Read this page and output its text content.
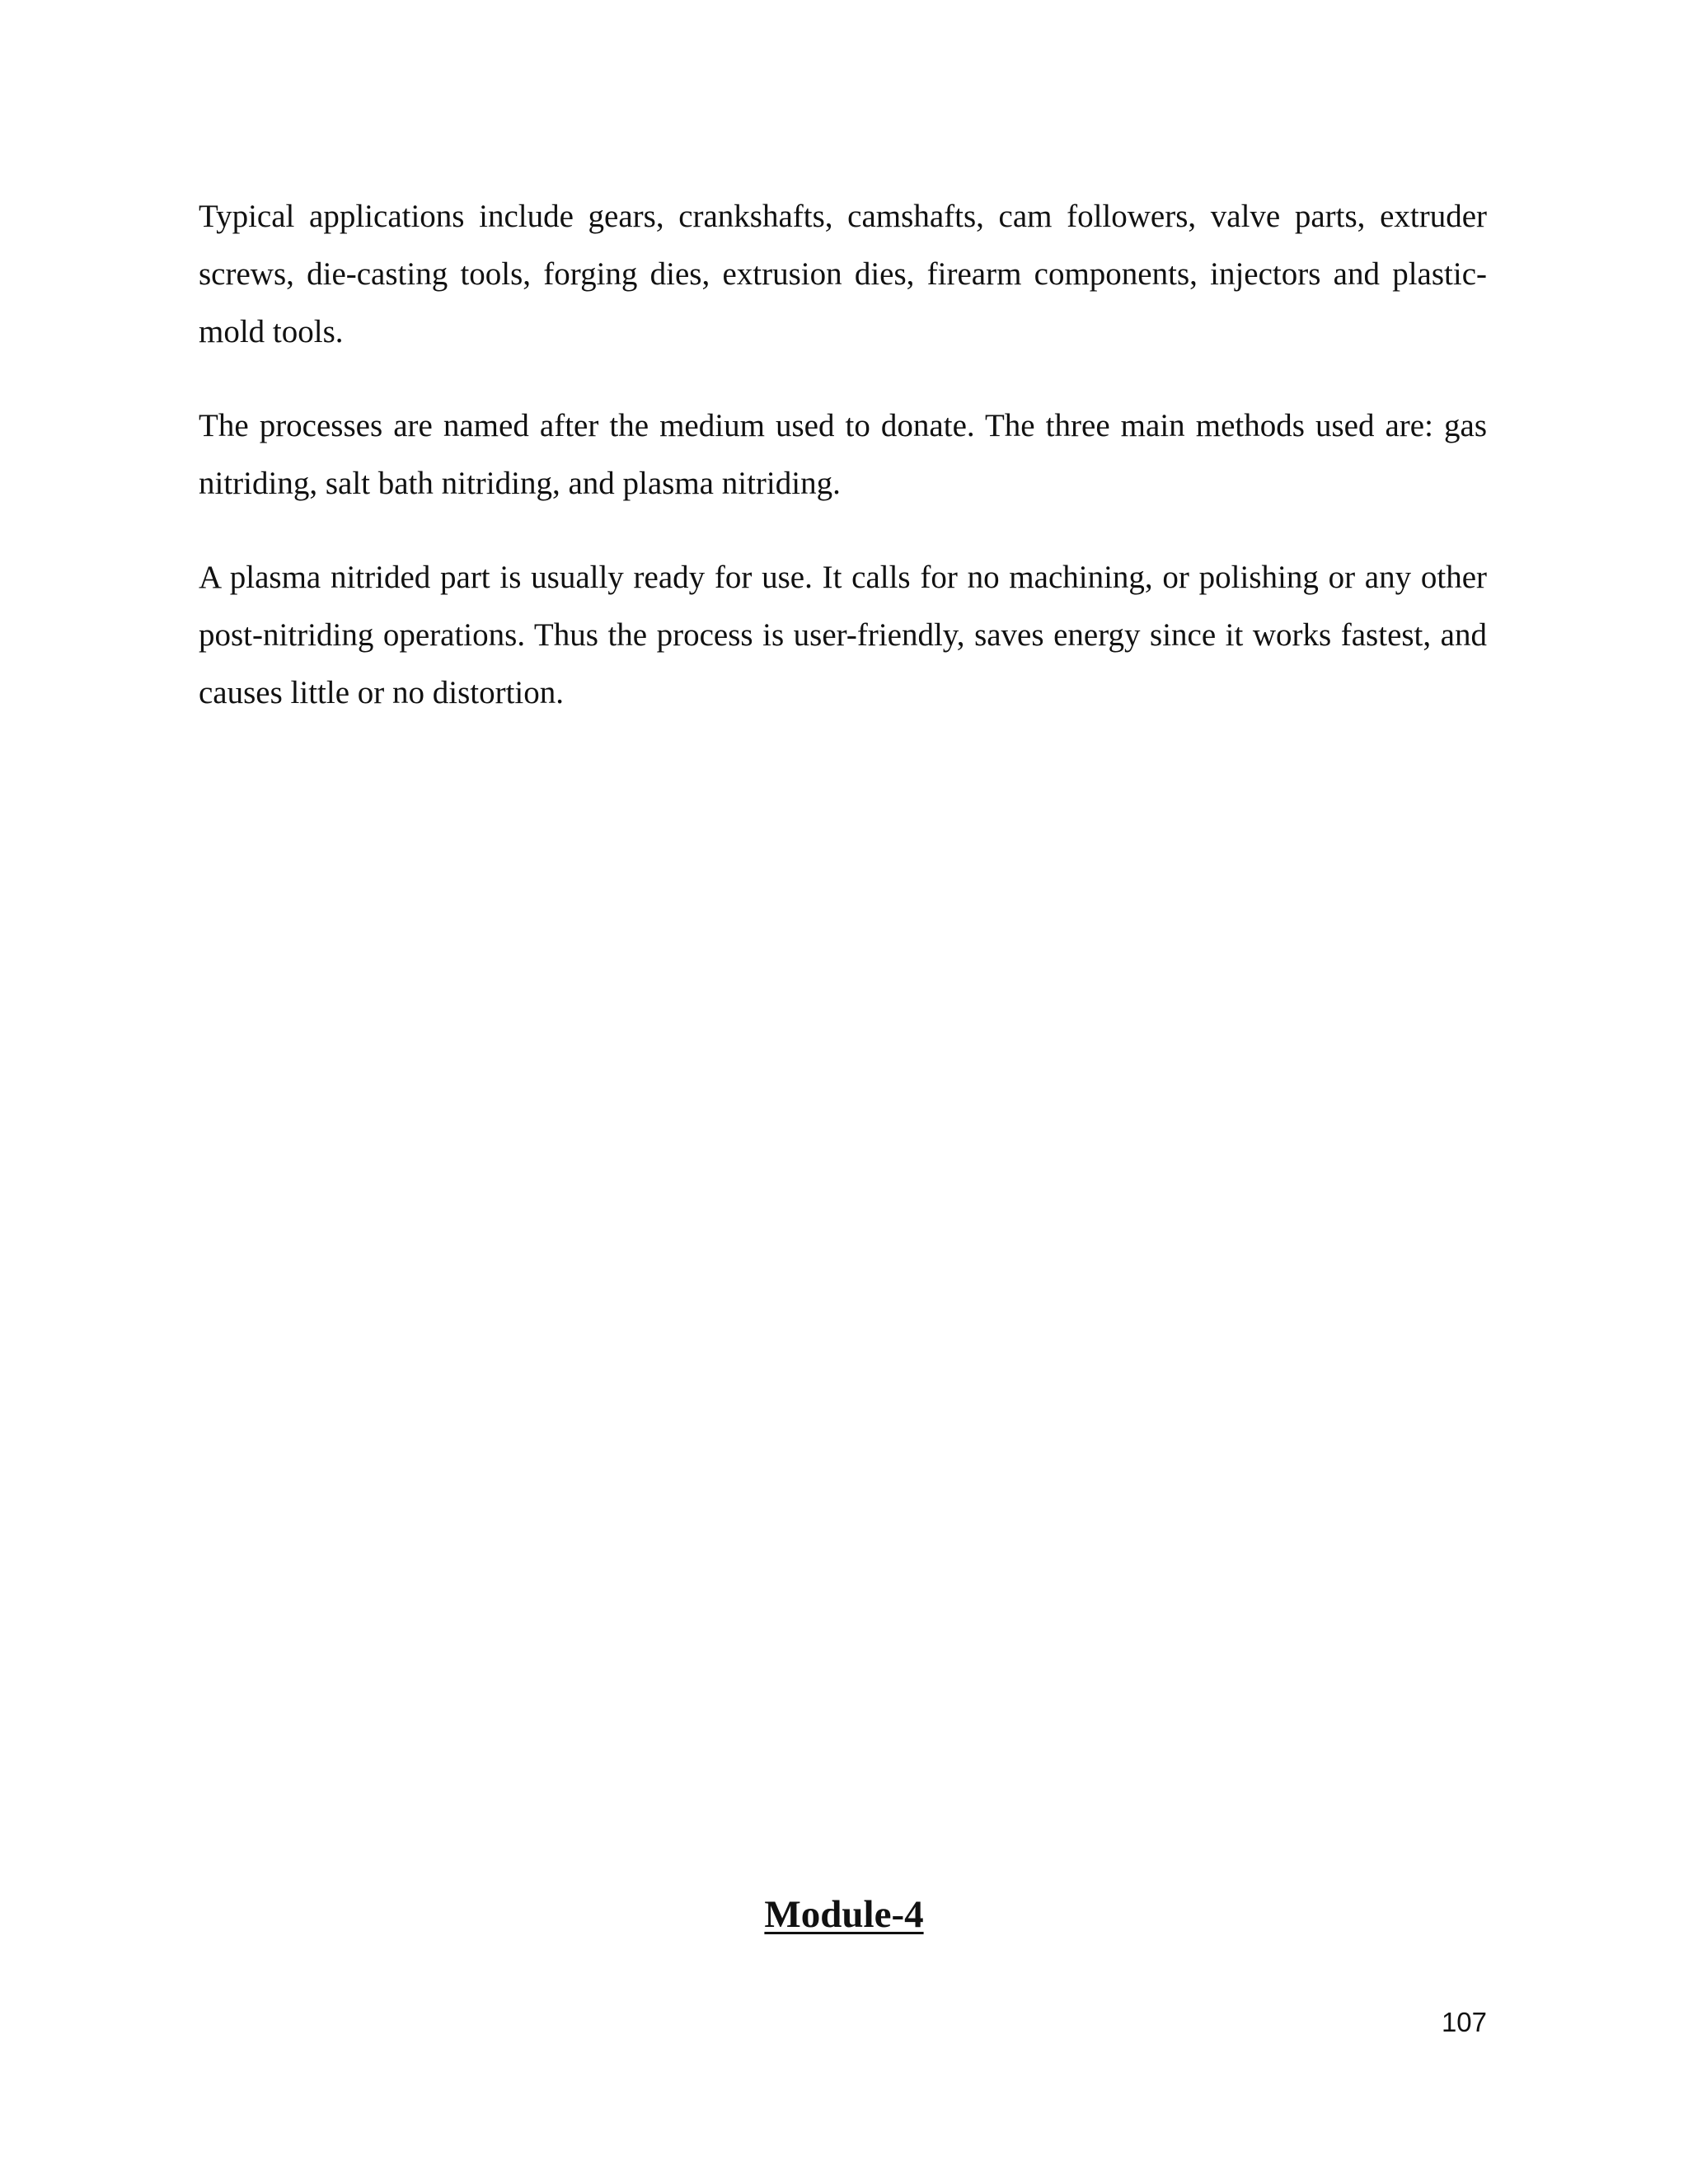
Typical applications include gears, crankshafts, camshafts, cam followers, valve parts, extruder screws, die-casting tools, forging dies, extrusion dies, firearm components, injectors and plastic-mold tools.

The processes are named after the medium used to donate. The three main methods used are: gas nitriding, salt bath nitriding, and plasma nitriding.

A plasma nitrided part is usually ready for use. It calls for no machining, or polishing or any other post-nitriding operations. Thus the process is user-friendly, saves energy since it works fastest, and causes little or no distortion.

Module-4
107
